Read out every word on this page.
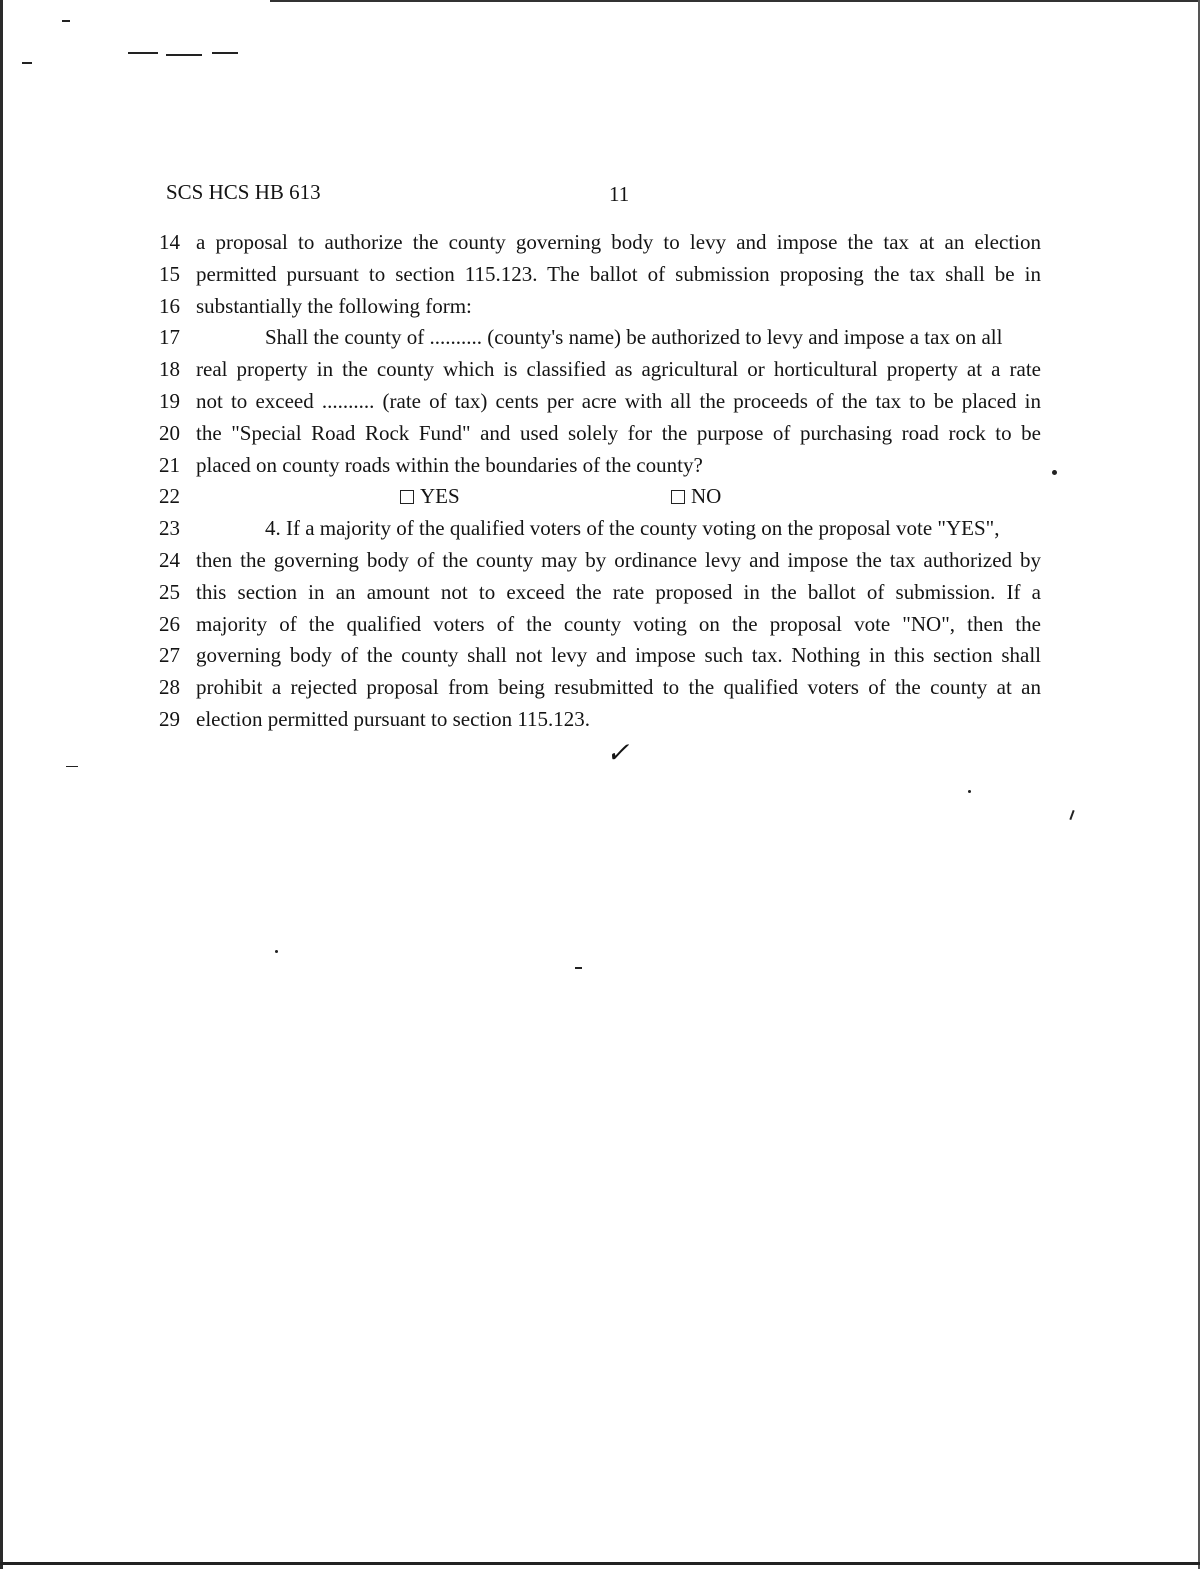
SCS HCS HB 613	11
14 a proposal to authorize the county governing body to levy and impose the tax at an election
15 permitted pursuant to section 115.123. The ballot of submission proposing the tax shall be in
16 substantially the following form:
17	Shall the county of .......... (county's name) be authorized to levy and impose a tax on all
18 real property in the county which is classified as agricultural or horticultural property at a rate
19 not to exceed .......... (rate of tax) cents per acre with all the proceeds of the tax to be placed in
20 the "Special Road Rock Fund" and used solely for the purpose of purchasing road rock to be
21 placed on county roads within the boundaries of the county?
22	YES	NO
23	4. If a majority of the qualified voters of the county voting on the proposal vote "YES",
24 then the governing body of the county may by ordinance levy and impose the tax authorized by
25 this section in an amount not to exceed the rate proposed in the ballot of submission. If a
26 majority of the qualified voters of the county voting on the proposal vote "NO", then the
27 governing body of the county shall not levy and impose such tax. Nothing in this section shall
28 prohibit a rejected proposal from being resubmitted to the qualified voters of the county at an
29 election permitted pursuant to section 115.123.
✓
